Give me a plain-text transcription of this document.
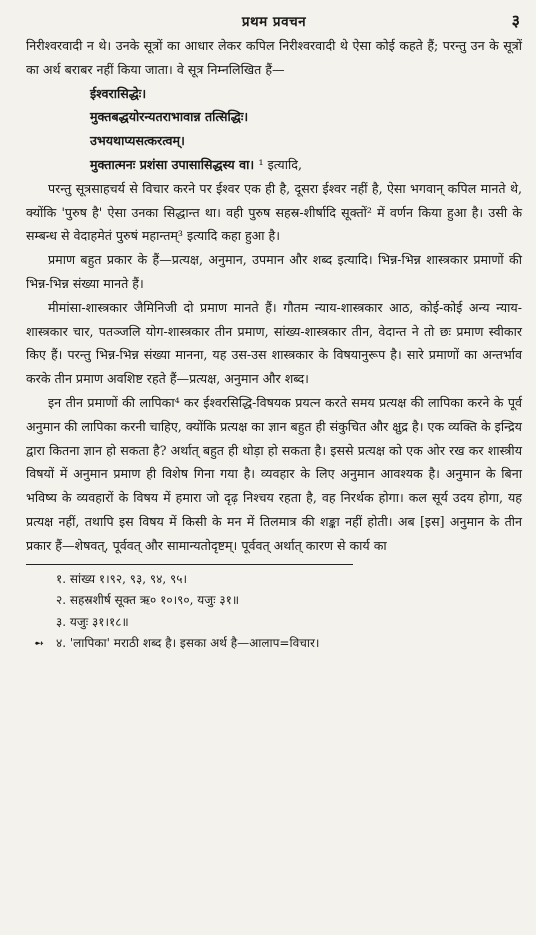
प्रथम प्रवचन	३

निरीश्वरवादी न थे। उनके सूत्रों का आधार लेकर कपिल निरीश्वरवादी थे ऐसा कोई कहते हैं; परन्तु उन के सूत्रों का अर्थ बराबर नहीं किया जाता। वे सूत्र निम्नलिखित हैं—

ईश्वरासिद्धेः।

मुक्तबद्धयोरन्यतराभावान्न तत्सिद्धिः।

उभयथाप्यसत्करत्वम्।

मुक्तात्मनः प्रशंसा उपासासिद्धस्य वा। ¹ इत्यादि,

परन्तु सूत्रसाहचर्य से विचार करने पर ईश्वर एक ही है, दूसरा ईश्वर नहीं है, ऐसा भगवान् कपिल मानते थे, क्योंकि 'पुरुष है' ऐसा उनका सिद्धान्त था। वही पुरुष सहस्र-शीर्षादि सूक्तों² में वर्णन किया हुआ है। उसी के सम्बन्ध से वेदाहमेतं पुरुषं महान्तम्³ इत्यादि कहा हुआ है।

प्रमाण बहुत प्रकार के हैं—प्रत्यक्ष, अनुमान, उपमान और शब्द इत्यादि। भिन्न-भिन्न शास्त्रकार प्रमाणों की भिन्न-भिन्न संख्या मानते हैं।

मीमांसा-शास्त्रकार जैमिनिजी दो प्रमाण मानते हैं। गौतम न्याय-शास्त्रकार आठ, कोई-कोई अन्य न्याय-शास्त्रकार चार, पतञ्जलि योग-शास्त्रकार तीन प्रमाण, सांख्य-शास्त्रकार तीन, वेदान्त ने तो छः प्रमाण स्वीकार किए हैं। परन्तु भिन्न-भिन्न संख्या मानना, यह उस-उस शास्त्रकार के विषयानुरूप है। सारे प्रमाणों का अन्तर्भाव करके तीन प्रमाण अवशिष्ट रहते हैं—प्रत्यक्ष, अनुमान और शब्द।

इन तीन प्रमाणों की लापिका⁴ कर ईश्वरसिद्धि-विषयक प्रयत्न करते समय प्रत्यक्ष की लापिका करने के पूर्व अनुमान की लापिका करनी चाहिए, क्योंकि प्रत्यक्ष का ज्ञान बहुत ही संकुचित और क्षुद्र है। एक व्यक्ति के इन्द्रिय द्वारा कितना ज्ञान हो सकता है? अर्थात् बहुत ही थोड़ा हो सकता है। इससे प्रत्यक्ष को एक ओर रख कर शास्त्रीय विषयों में अनुमान प्रमाण ही विशेष गिना गया है। व्यवहार के लिए अनुमान आवश्यक है। अनुमान के बिना भविष्य के व्यवहारों के विषय में हमारा जो दृढ़ निश्चय रहता है, वह निरर्थक होगा। कल सूर्य उदय होगा, यह प्रत्यक्ष नहीं, तथापि इस विषय में किसी के मन में तिलमात्र की शङ्का नहीं होती। अब [इस] अनुमान के तीन प्रकार हैं—शेषवत्, पूर्ववत् और सामान्यतोदृष्टम्। पूर्ववत् अर्थात् कारण से कार्य का

१. सांख्य १।९२, ९३, ९४, ९५।

२. सहस्रशीर्ष सूक्त ऋ० १०।९०, यजुः ३१॥

३. यजुः ३१।१८॥

➻ ४. 'लापिका' मराठी शब्द है। इसका अर्थ है—आलाप=विचार।
